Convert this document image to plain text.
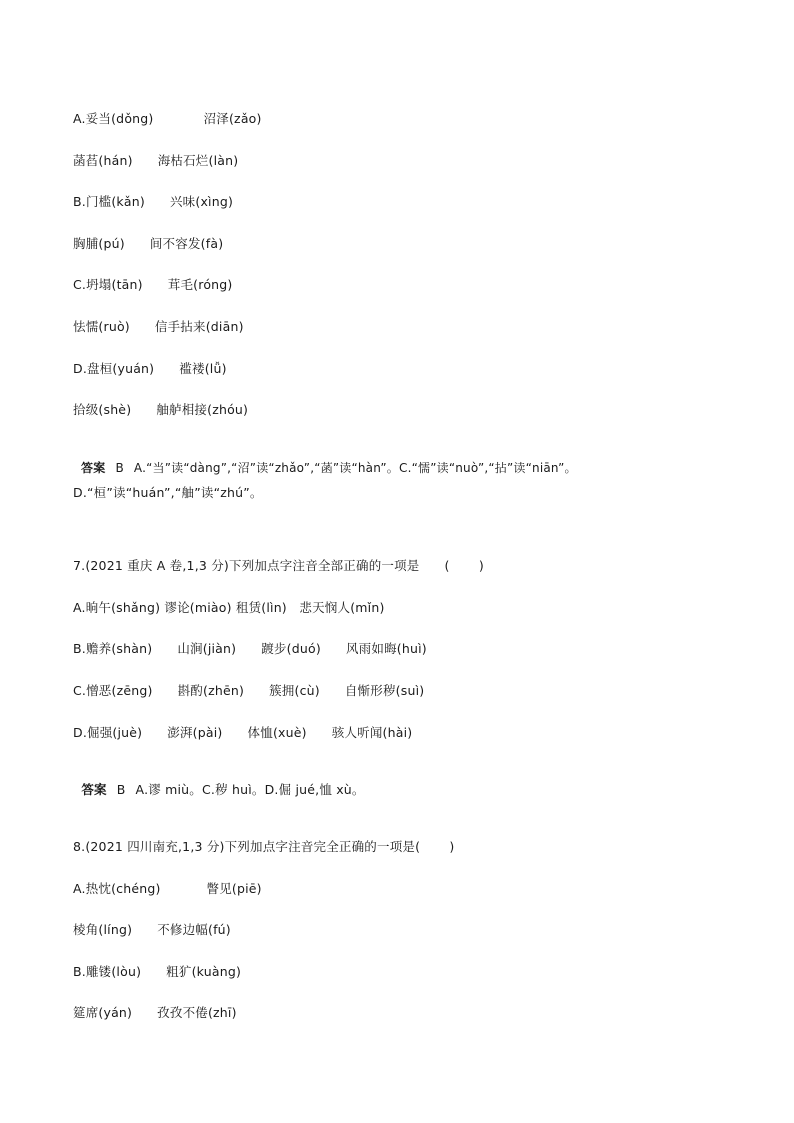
A.妥当(dǒng)            沼泽(zǎo)
菡萏(hán)      海枯石烂(làn)
B.门槛(kǎn)      兴味(xìng)
胸脯(pú)      间不容发(fà)
C.坍塌(tān)      茸毛(róng)
怯懦(ruò)      信手拈来(diān)
D.盘桓(yuán)      褴褛(lǚ)
拾级(shè)      舳舻相接(zhóu)

答案 B A.“当”读“dàng”,“沼”读“zhǎo”,“菡”读“hàn”。C.“懦”读“nuò”,“拈”读“niān”。

D.“桓”读“huán”,“舳”读“zhú”。
7.(2021 重庆 A 卷,1,3 分)下列加点字注音全部正确的一项是      (       )
A.晌午(shǎng) 谬论(miào) 租赁(lìn)   悲天悯人(mǐn)
B.赡养(shàn)      山涧(jiàn)      踱步(duó)      风雨如晦(huì)
C.憎恶(zēng)      斟酌(zhēn)      簇拥(cù)      自惭形秽(suì)
D.倔强(juè)      澎湃(pài)      体恤(xuè)      骇人听闻(hài)

答案 B A.谬 miù。C.秽 huì。D.倔 jué,恤 xù。

8.(2021 四川南充,1,3 分)下列加点字注音完全正确的一项是(       )
A.热忱(chéng)           瞥见(piē)
棱角(líng)      不修边幅(fú)
B.雕镂(lòu)      粗犷(kuàng)
筵席(yán)      孜孜不倦(zhī)
